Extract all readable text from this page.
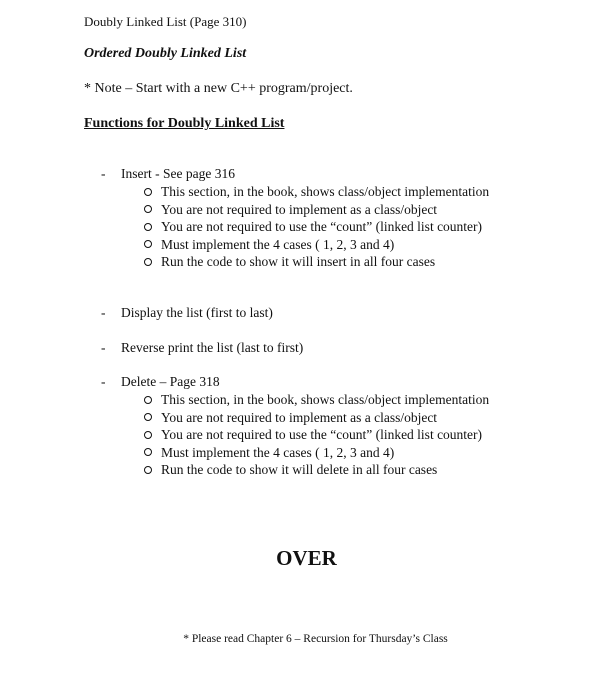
Doubly Linked List (Page 310)
Ordered Doubly Linked List
* Note – Start with a new C++ program/project.
Functions for Doubly Linked List
- Insert - See page 316
This section, in the book, shows class/object implementation
You are not required to implement as a class/object
You are not required to use the “count” (linked list counter)
Must implement the 4 cases ( 1, 2, 3 and 4)
Run the code to show it will insert in all four cases
- Display the list (first to last)
- Reverse print the list (last to first)
- Delete – Page 318
This section, in the book, shows class/object implementation
You are not required to implement as a class/object
You are not required to use the “count” (linked list counter)
Must implement the 4 cases ( 1, 2, 3 and 4)
Run the code to show it will delete in all four cases
OVER
* Please read Chapter 6 – Recursion for Thursday’s Class
